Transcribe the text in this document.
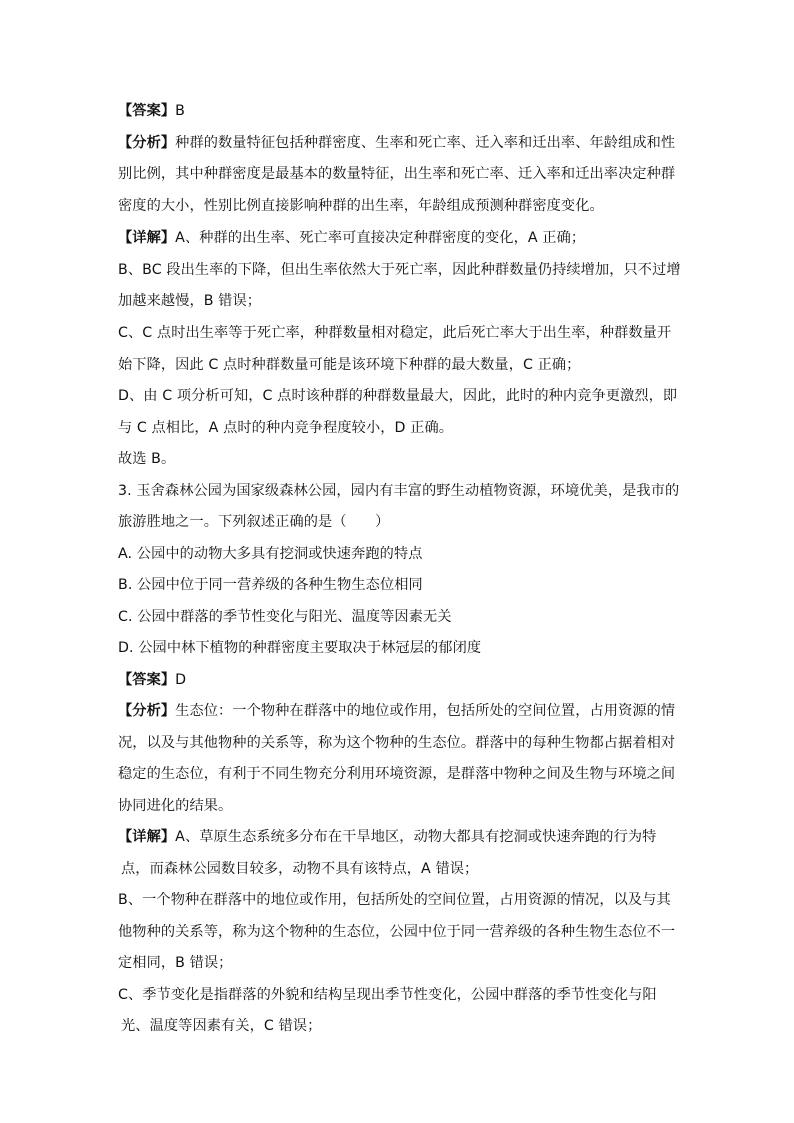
【答案】B
【分析】种群的数量特征包括种群密度、生率和死亡率、迁入率和迁出率、年龄组成和性
别比例，其中种群密度是最基本的数量特征，出生率和死亡率、迁入率和迁出率决定种群
密度的大小，性别比例直接影响种群的出生率，年龄组成预测种群密度变化。
【详解】A、种群的出生率、死亡率可直接决定种群密度的变化，A 正确；
B、BC 段出生率的下降，但出生率依然大于死亡率，因此种群数量仍持续增加，只不过增
加越来越慢，B 错误；
C、C 点时出生率等于死亡率，种群数量相对稳定，此后死亡率大于出生率，种群数量开
始下降，因此 C 点时种群数量可能是该环境下种群的最大数量，C 正确；
D、由 C 项分析可知，C 点时该种群的种群数量最大，因此，此时的种内竞争更激烈，即
与 C 点相比，A 点时的种内竞争程度较小，D 正确。
故选 B。
3. 玉舍森林公园为国家级森林公园，园内有丰富的野生动植物资源，环境优美，是我市的
旅游胜地之一。下列叙述正确的是（　　）
A. 公园中的动物大多具有挖洞或快速奔跑的特点
B. 公园中位于同一营养级的各种生物生态位相同
C. 公园中群落的季节性变化与阳光、温度等因素无关
D. 公园中林下植物的种群密度主要取决于林冠层的郁闭度
【答案】D
【分析】生态位：一个物种在群落中的地位或作用，包括所处的空间位置，占用资源的情
况，以及与其他物种的关系等，称为这个物种的生态位。群落中的每种生物都占据着相对
稳定的生态位，有利于不同生物充分利用环境资源，是群落中物种之间及生物与环境之间
协同进化的结果。
【详解】A、草原生态系统多分布在干旱地区，动物大都具有挖洞或快速奔跑的行为特
点，而森林公园数目较多，动物不具有该特点，A 错误；
B、一个物种在群落中的地位或作用，包括所处的空间位置，占用资源的情况，以及与其
他物种的关系等，称为这个物种的生态位，公园中位于同一营养级的各种生物生态位不一
定相同，B 错误；
C、季节变化是指群落的外貌和结构呈现出季节性变化，公园中群落的季节性变化与阳
光、温度等因素有关，C 错误；
